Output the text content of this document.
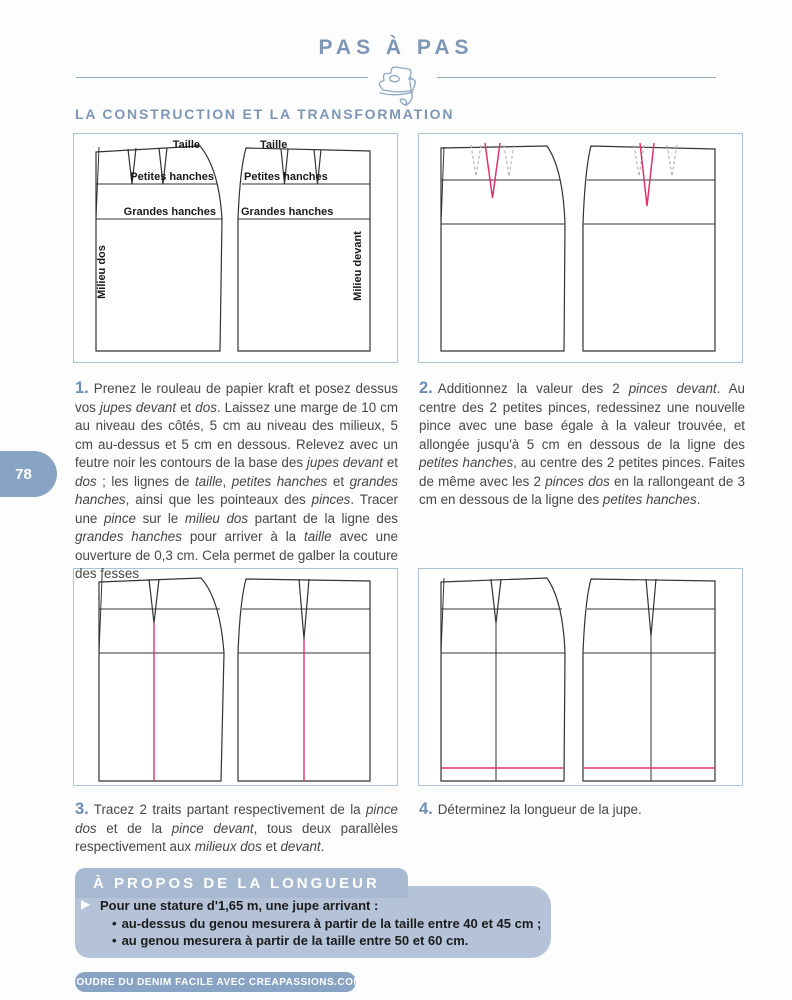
PAS À PAS
LA CONSTRUCTION ET LA TRANSFORMATION
78
Taille	Taille
Petites hanches	Petites hanches
Grandes hanches Grandes hanches
Milieu dos	Milieu devant

1. Prenez le rouleau de papier kraft et posez dessus vos jupes devant et dos. Laissez une marge de 10 cm au niveau des côtés, 5 cm au niveau des milieux, 5 cm au-dessus et 5 cm en dessous. Relevez avec un feutre noir les contours de la base des jupes devant et dos ; les lignes de taille, petites hanches et grandes hanches, ainsi que les pointeaux des pinces. Tracer une pince sur le milieu dos partant de la ligne des grandes hanches pour arriver à la taille avec une ouverture de 0,3 cm. Cela permet de galber la couture des fesses

2. Additionnez la valeur des 2 pinces devant. Au centre des 2 petites pinces, redessinez une nouvelle pince avec une base égale à la valeur trouvée, et allongée jusqu'à 5 cm en dessous de la ligne des petites hanches, au centre des 2 petites pinces. Faites de même avec les 2 pinces dos en la rallongeant de 3 cm en dessous de la ligne des petites hanches.

3. Tracez 2 traits partant respectivement de la pince dos et de la pince devant, tous deux parallèles respectivement aux milieux dos et devant.

4. Déterminez la longueur de la jupe.

À PROPOS DE LA LONGUEUR
▶ Pour une stature d'1,65 m, une jupe arrivant :
• au-dessus du genou mesurera à partir de la taille entre 40 et 45 cm ;
• au genou mesurera à partir de la taille entre 50 et 60 cm.
COUDRE DU DENIM FACILE AVEC CREAPASSIONS.COM
